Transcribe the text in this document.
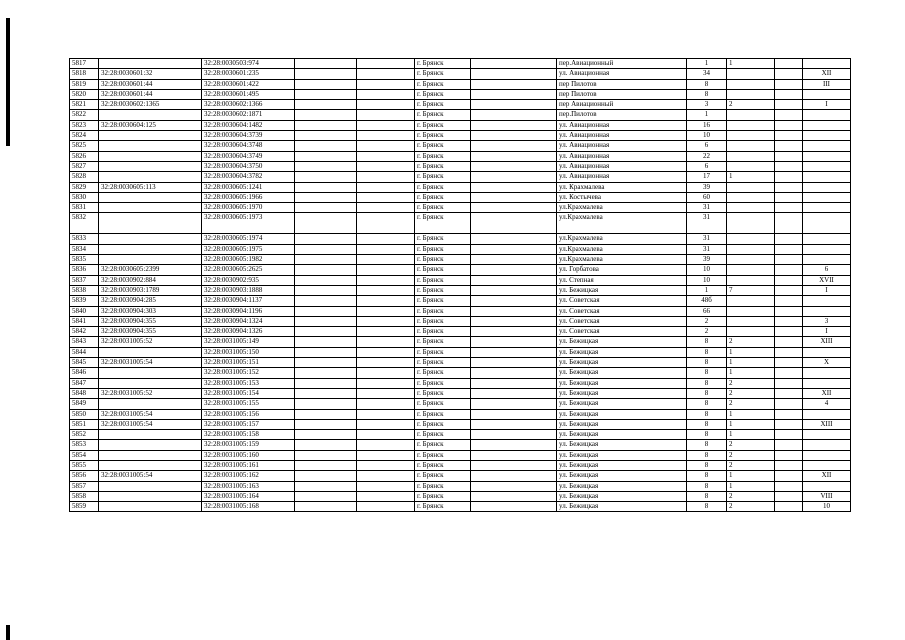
5817		32:28:0030503:974			г. Брянск		пер.Авиационный	1	1		
5818	32:28:0030601:32	32:28:0030601:235			г. Брянск		ул. Авиационная	34			XII
5819	32:28:0030601:44	32:28:0030601:422			г. Брянск		пер Пилотов	8			III
5820	32:28:0030601:44	32:28:0030601:495			г. Брянск		пер Пилотов	8			
5821	32:28:0030602:1365	32:28:0030602:1366			г. Брянск		пер Авиационный	3	2		I
5822		32:28:0030602:1871			г. Брянск		пер.Пилотов	1			
5823	32:28:0030604:125	32:28:0030604:1482			г. Брянск		ул. Авиационная	16			
5824		32:28:0030604:3739			г. Брянск		ул. Авиационная	10			
5825		32:28:0030604:3748			г. Брянск		ул. Авиационная	6			
5826		32:28:0030604:3749			г. Брянск		ул. Авиационная	22			
5827		32:28:0030604:3750			г. Брянск		ул. Авиационная	6			
5828		32:28:0030604:3782			г. Брянск		ул. Авиационная	17	1		
5829	32:28:0030605:113	32:28:0030605:1241			г. Брянск		ул. Крахмалева	39			
5830		32:28:0030605:1966			г. Брянск		ул. Костычева	60			
5831		32:28:0030605:1970			г. Брянск		ул.Крахмалева	31			
5832		32:28:0030605:1973			г. Брянск		ул.Крахмалева	31			
5833		32:28:0030605:1974			г. Брянск		ул.Крахмалева	31			
5834		32:28:0030605:1975			г. Брянск		ул.Крахмалева	31			
5835		32:28:0030605:1982			г. Брянск		ул.Крахмалева	39			
5836	32:28:0030605:2399	32:28:0030605:2625			г. Брянск		ул. Горбатова	10			6
5837	32:28:0030902:884	32:28:0030902:935			г. Брянск		ул. Степная	10			XVII
5838	32:28:0030903:1789	32:28:0030903:1888			г. Брянск		ул. Бежицкая	1	7		I
5839	32:28:0030904:285	32:28:0030904:1137			г. Брянск		ул. Советская	48б			
5840	32:28:0030904:303	32:28:0030904:1196			г. Брянск		ул. Советская	66			
5841	32:28:0030904:355	32:28:0030904:1324			г. Брянск		ул. Советская	2			3
5842	32:28:0030904:355	32:28:0030904:1326			г. Брянск		ул. Советская	2			I
5843	32:28:0031005:52	32:28:0031005:149			г. Брянск		ул. Бежицкая	8	2		XIII
5844		32:28:0031005:150			г. Брянск		ул. Бежицкая	8	1		
5845	32:28:0031005:54	32:28:0031005:151			г. Брянск		ул. Бежицкая	8	1		X
5846		32:28:0031005:152			г. Брянск		ул. Бежицкая	8	1		
5847		32:28:0031005:153			г. Брянск		ул. Бежицкая	8	2		
5848	32:28:0031005:52	32:28:0031005:154			г. Брянск		ул. Бежицкая	8	2		XII
5849		32:28:0031005:155			г. Брянск		ул. Бежицкая	8	2		4
5850	32:28:0031005:54	32:28:0031005:156			г. Брянск		ул. Бежицкая	8	1		
5851	32:28:0031005:54	32:28:0031005:157			г. Брянск		ул. Бежицкая	8	1		XIII
5852		32:28:0031005:158			г. Брянск		ул. Бежицкая	8	1		
5853		32:28:0031005:159			г. Брянск		ул. Бежицкая	8	2		
5854		32:28:0031005:160			г. Брянск		ул. Бежицкая	8	2		
5855		32:28:0031005:161			г. Брянск		ул. Бежицкая	8	2		
5856	32:28:0031005:54	32:28:0031005:162			г. Брянск		ул. Бежицкая	8	1		XII
5857		32:28:0031005:163			г. Брянск		ул. Бежицкая	8	1		
5858		32:28:0031005:164			г. Брянск		ул. Бежицкая	8	2		VIII
5859		32:28:0031005:168			г. Брянск		ул. Бежицкая	8	2		10
